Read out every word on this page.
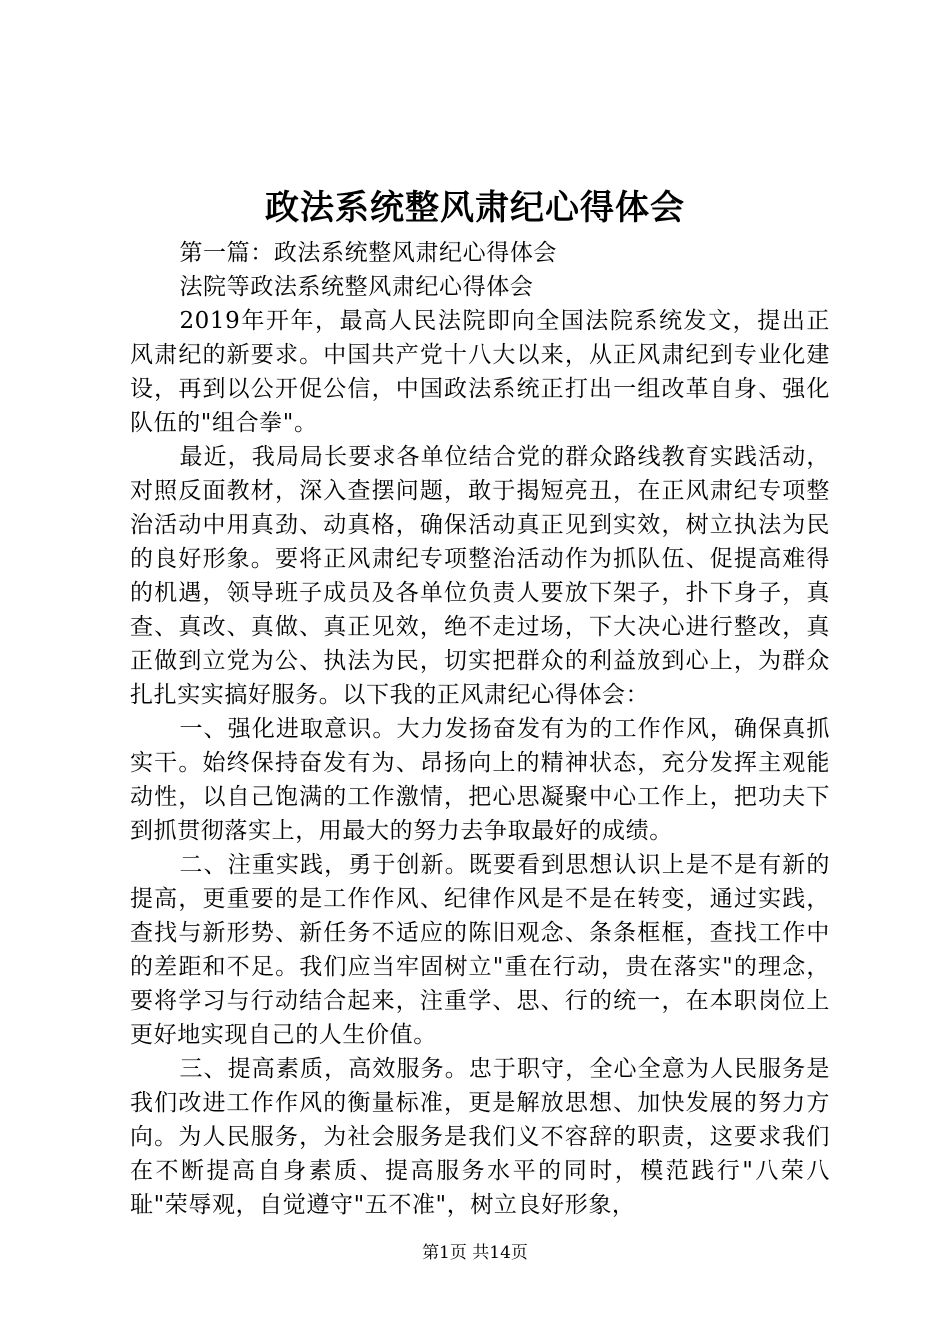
政法系统整风肃纪心得体会

第一篇：政法系统整风肃纪心得体会

法院等政法系统整风肃纪心得体会

2019年开年，最高人民法院即向全国法院系统发文，提出正风肃纪的新要求。中国共产党十八大以来，从正风肃纪到专业化建设，再到以公开促公信，中国政法系统正打出一组改革自身、强化队伍的"组合拳"。

最近，我局局长要求各单位结合党的群众路线教育实践活动，对照反面教材，深入查摆问题，敢于揭短亮丑，在正风肃纪专项整治活动中用真劲、动真格，确保活动真正见到实效，树立执法为民的良好形象。要将正风肃纪专项整治活动作为抓队伍、促提高难得的机遇，领导班子成员及各单位负责人要放下架子，扑下身子，真查、真改、真做、真正见效，绝不走过场，下大决心进行整改，真正做到立党为公、执法为民，切实把群众的利益放到心上，为群众扎扎实实搞好服务。以下我的正风肃纪心得体会：

一、强化进取意识。大力发扬奋发有为的工作作风，确保真抓实干。始终保持奋发有为、昂扬向上的精神状态，充分发挥主观能动性，以自己饱满的工作激情，把心思凝聚中心工作上，把功夫下到抓贯彻落实上，用最大的努力去争取最好的成绩。

二、注重实践，勇于创新。既要看到思想认识上是不是有新的提高，更重要的是工作作风、纪律作风是不是在转变，通过实践，查找与新形势、新任务不适应的陈旧观念、条条框框，查找工作中的差距和不足。我们应当牢固树立"重在行动，贵在落实"的理念，要将学习与行动结合起来，注重学、思、行的统一，在本职岗位上更好地实现自己的人生价值。

三、提高素质，高效服务。忠于职守，全心全意为人民服务是我们改进工作作风的衡量标准，更是解放思想、加快发展的努力方向。为人民服务，为社会服务是我们义不容辞的职责，这要求我们在不断提高自身素质、提高服务水平的同时，模范践行"八荣八耻"荣辱观，自觉遵守"五不准"，树立良好形象，

第1页 共14页
